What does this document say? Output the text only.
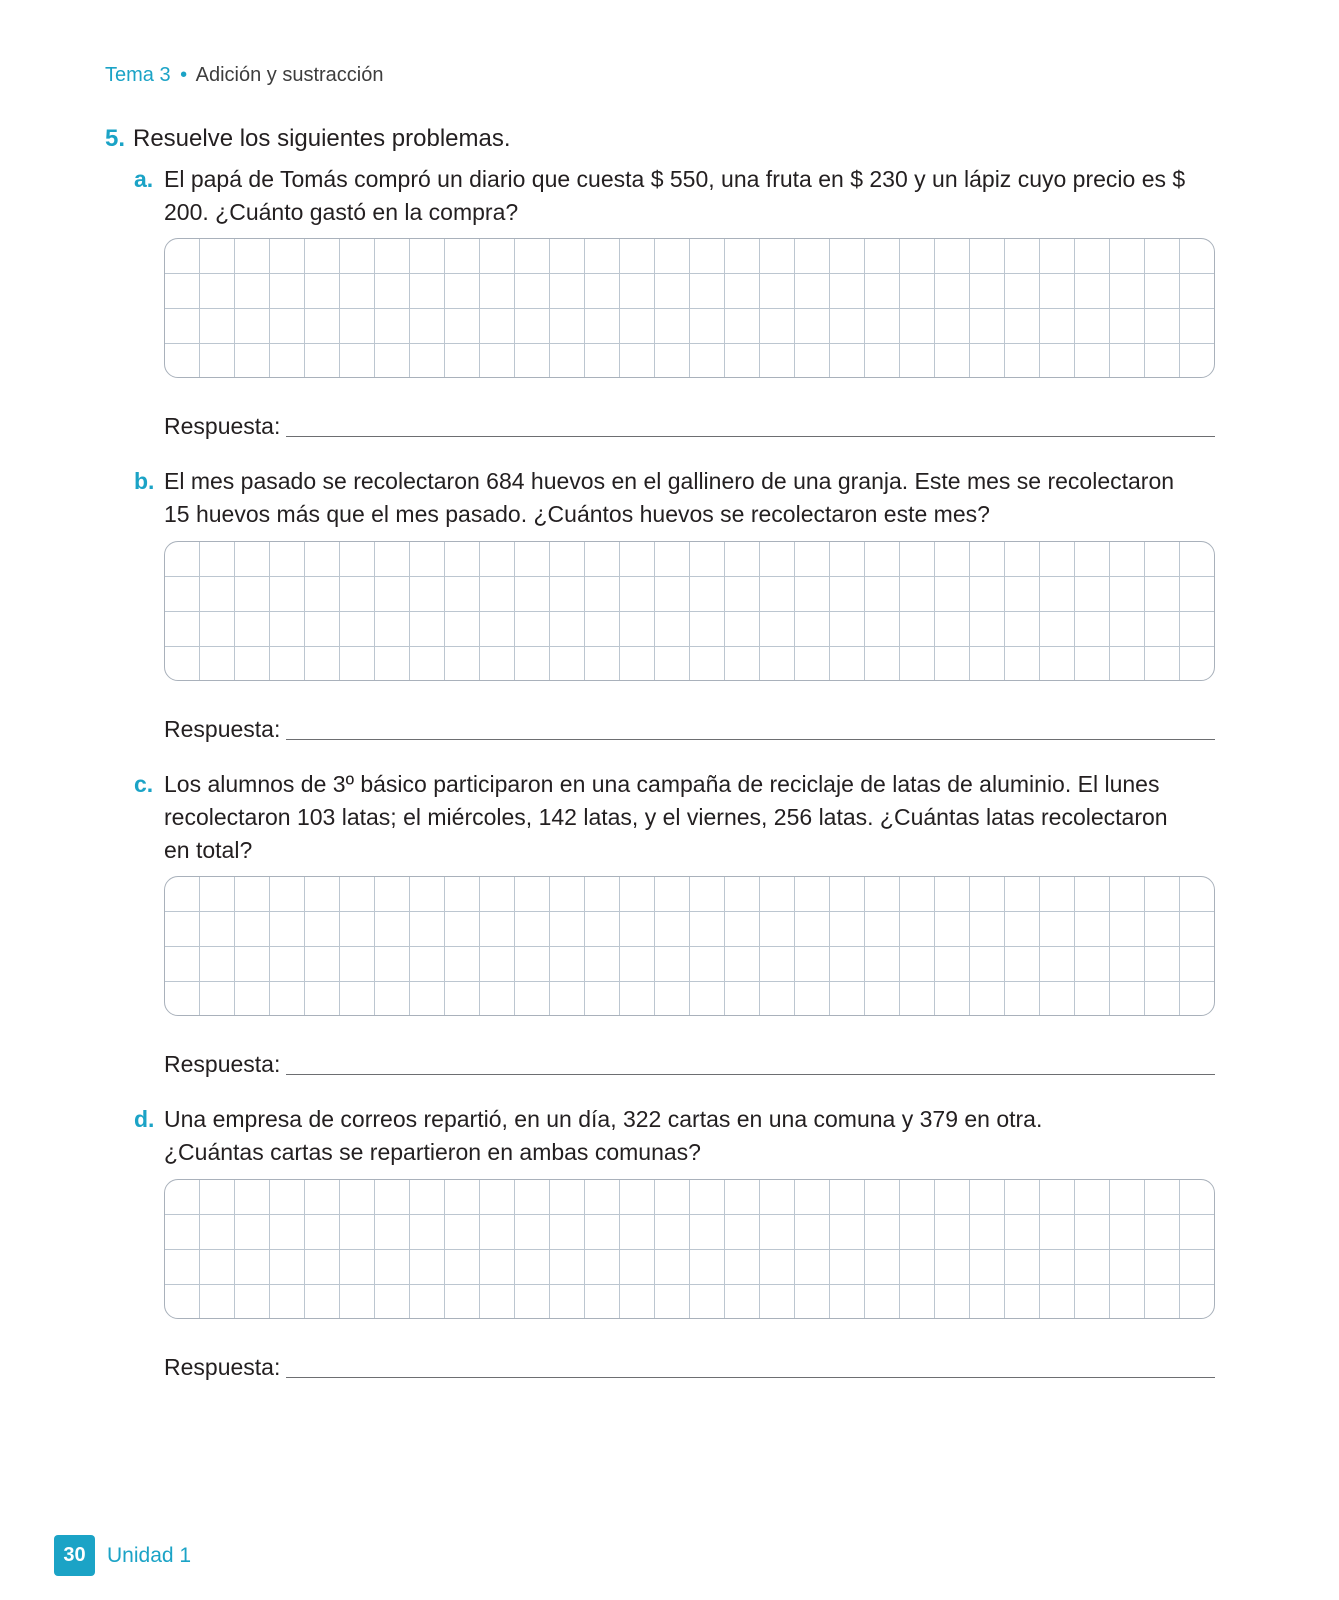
Tema 3 • Adición y sustracción
5. Resuelve los siguientes problemas.

a. El papá de Tomás compró un diario que cuesta $ 550, una fruta en $ 230 y un lápiz cuyo precio es $ 200. ¿Cuánto gastó en la compra?

Respuesta:

b. El mes pasado se recolectaron 684 huevos en el gallinero de una granja. Este mes se recolectaron 15 huevos más que el mes pasado. ¿Cuántos huevos se recolectaron este mes?

Respuesta:

c. Los alumnos de 3º básico participaron en una campaña de reciclaje de latas de aluminio. El lunes recolectaron 103 latas; el miércoles, 142 latas, y el viernes, 256 latas. ¿Cuántas latas recolectaron en total?

Respuesta:

d. Una empresa de correos repartió, en un día, 322 cartas en una comuna y 379 en otra. ¿Cuántas cartas se repartieron en ambas comunas?

Respuesta:
30	Unidad 1
